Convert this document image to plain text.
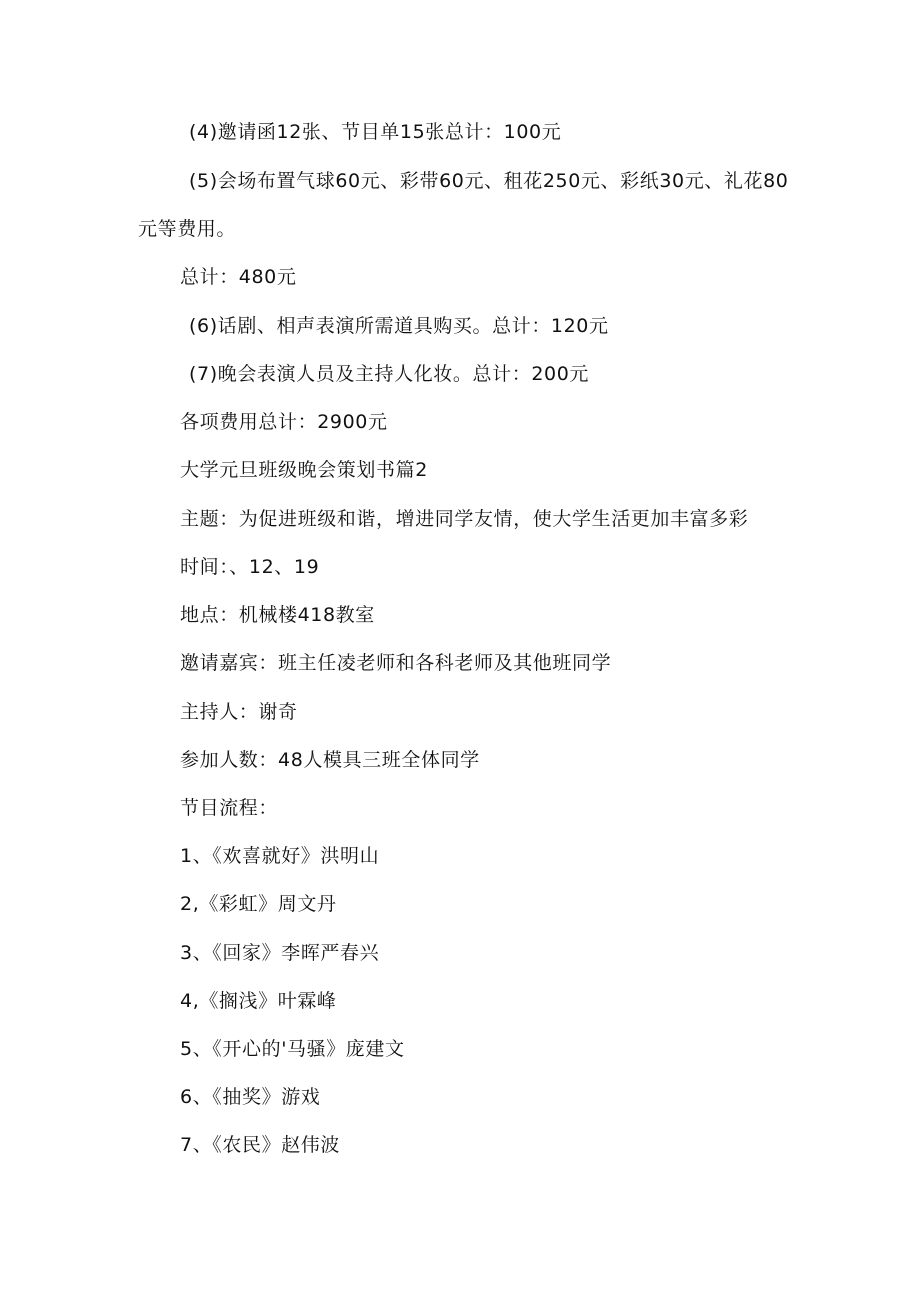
(4)邀请函12张、节目单15张总计：100元

(5)会场布置气球60元、彩带60元、租花250元、彩纸30元、礼花80

元等费用。

总计：480元

(6)话剧、相声表演所需道具购买。总计：120元

(7)晚会表演人员及主持人化妆。总计：200元

各项费用总计：2900元

大学元旦班级晚会策划书篇2

主题：为促进班级和谐，增进同学友情，使大学生活更加丰富多彩

时间：、12、19

地点：机械楼418教室

邀请嘉宾：班主任凌老师和各科老师及其他班同学

主持人：谢奇

参加人数：48人模具三班全体同学

节目流程：

1、《欢喜就好》洪明山

2,《彩虹》周文丹

3、《回家》李晖严春兴

4,《搁浅》叶霖峰

5、《开心的'马骚》庞建文

6、《抽奖》游戏

7、《农民》赵伟波
